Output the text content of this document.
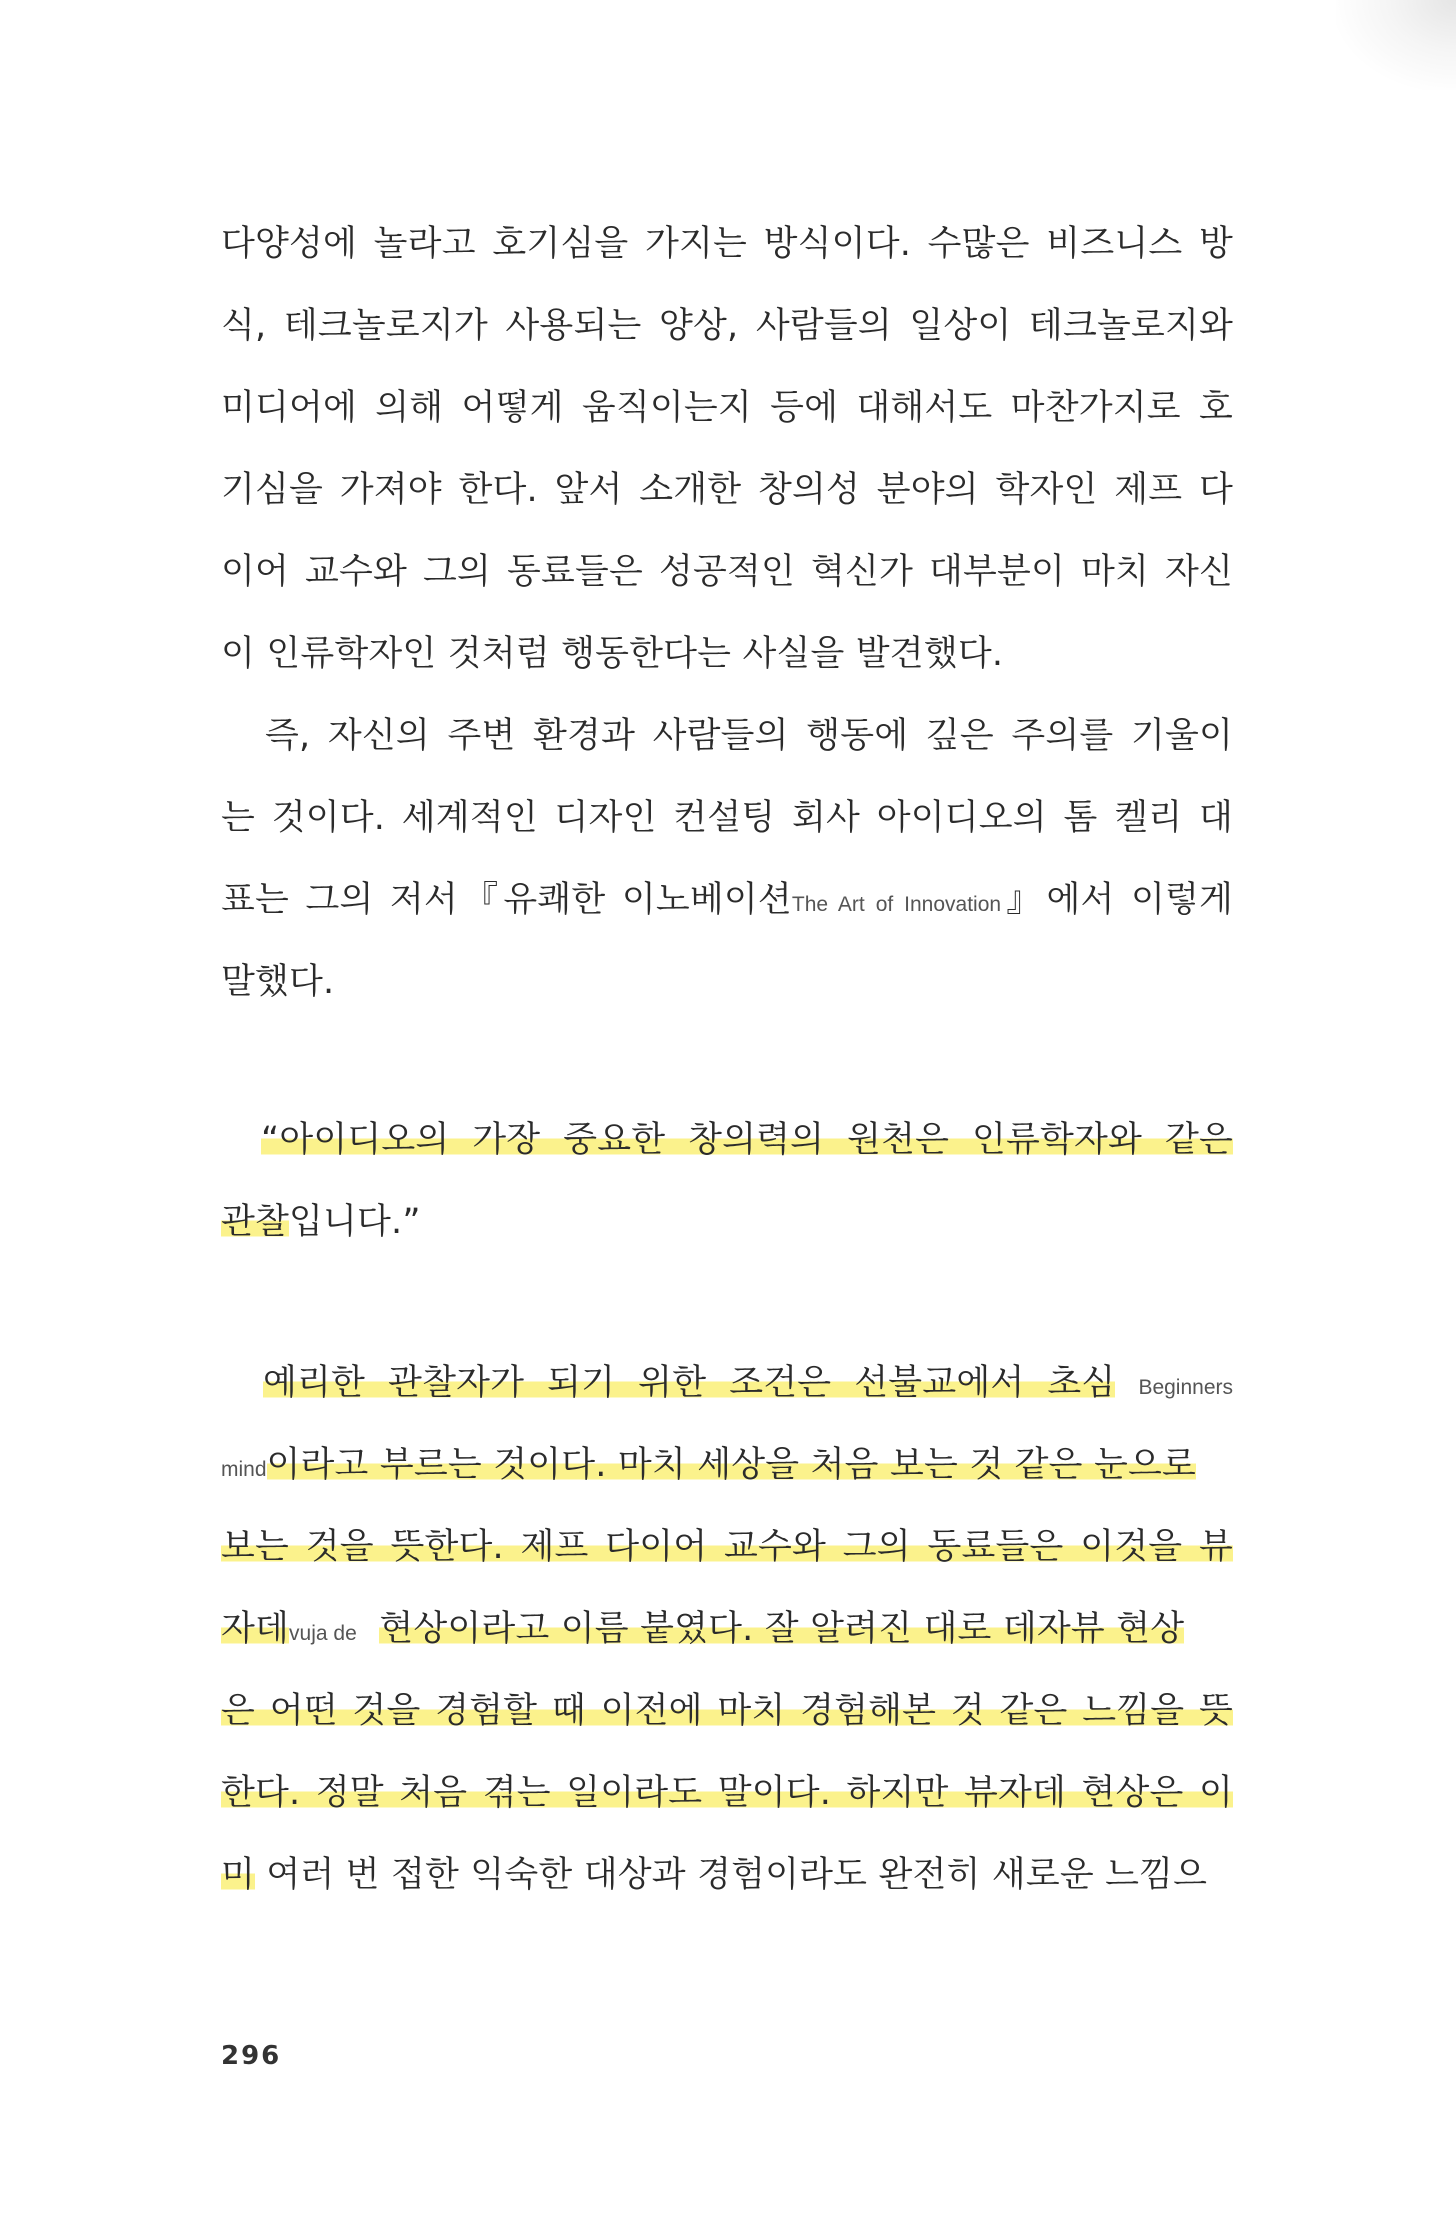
다양성에 놀라고 호기심을 가지는 방식이다. 수많은 비즈니스 방
식, 테크놀로지가 사용되는 양상, 사람들의 일상이 테크놀로지와
미디어에 의해 어떻게 움직이는지 등에 대해서도 마찬가지로 호
기심을 가져야 한다. 앞서 소개한 창의성 분야의 학자인 제프 다
이어 교수와 그의 동료들은 성공적인 혁신가 대부분이 마치 자신
이 인류학자인 것처럼 행동한다는 사실을 발견했다.
즉, 자신의 주변 환경과 사람들의 행동에 깊은 주의를 기울이
는 것이다. 세계적인 디자인 컨설팅 회사 아이디오의 톰 켈리 대
표는 그의 저서『유쾌한 이노베이션The Art of Innovation』에서 이렇게
말했다.
“아이디오의 가장 중요한 창의력의 원천은 인류학자와 같은
관찰입니다.”
예리한 관찰자가 되기 위한 조건은 선불교에서 초심 Beginners
mind이라고 부르는 것이다. 마치 세상을 처음 보는 것 같은 눈으로
보는 것을 뜻한다. 제프 다이어 교수와 그의 동료들은 이것을 뷰
자데vuja de 현상이라고 이름 붙였다. 잘 알려진 대로 데자뷰 현상
은 어떤 것을 경험할 때 이전에 마치 경험해본 것 같은 느낌을 뜻
한다. 정말 처음 겪는 일이라도 말이다. 하지만 뷰자데 현상은 이
미 여러 번 접한 익숙한 대상과 경험이라도 완전히 새로운 느낌으
296
